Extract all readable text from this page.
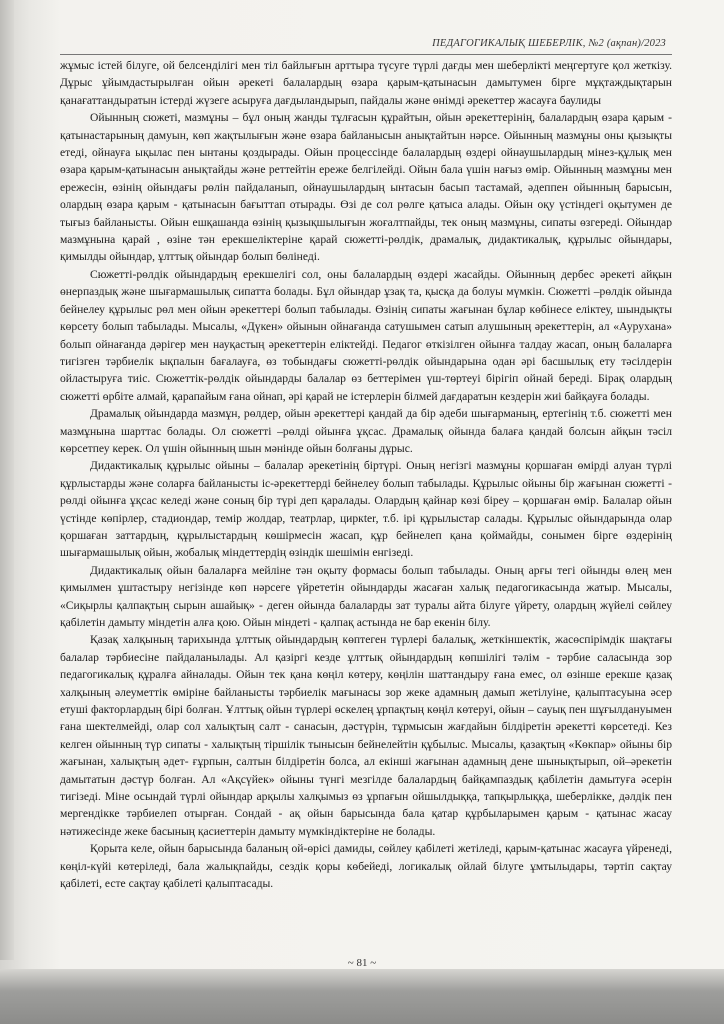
ПЕДАГОГИКАЛЫҚ ШЕБЕРЛІК, №2 (ақпан)/2023

жұмыс істей білуге, ой белсенділігі мен тіл байлығын арттыра түсуге түрлі дағды мен шеберлікті меңгертуге қол жеткізу. Дұрыс ұйымдастырылған ойын әрекеті балалардың өзара қарым-қатынасын дамытумен бірге мұқтаждықтарын қанағаттандыратын істерді жүзеге асыруға дағдыландырып, пайдалы және өнімді әрекеттер жасауға баулиды

Ойынның сюжеті, мазмұны – бұл оның жанды тұлғасын құрайтын, ойын әрекеттерінің, балалардың өзара қарым - қатынастарының дамуын, көп жақтылығын және өзара байланысын анықтайтын нәрсе. Ойынның мазмұны оны қызықты етеді, ойнауға ықылас пен ынтаны қоздырады. Ойын процессінде балалардың өздері ойнаушылардың мінез-құлық мен өзара қарым-қатынасын анықтайды және реттейтін ереже белгілейді. Ойын бала үшін нағыз өмір. Ойынның мазмұны мен ережесін, өзінің ойындағы рөлін пайдаланып, ойнаушылардың ынтасын басып тастамай, әдеппен ойынның барысын, олардың өзара қарым - қатынасын бағыттап отырады. Өзі де сол рөлге қатыса алады. Ойын оқу үстіндегі оқытумен де тығыз байланысты. Ойын ешқашанда өзінің қызықшылығын жоғалтпайды, тек оның мазмұны, сипаты өзгереді. Ойындар мазмұнына қарай , өзіне тән ерекшеліктеріне қарай сюжетті-рөлдік, драмалық, дидактикалық, құрылыс ойындары, қимылды ойындар, ұлттық ойындар болып бөлінеді.

Сюжетті-рөлдік ойындардың ерекшелігі сол, оны балалардың өздері жасайды. Ойынның дербес әрекеті айқын өнерпаздық және шығармашылық сипатта болады. Бұл ойындар ұзақ та, қысқа да болуы мүмкін. Сюжетті –рөлдік ойында бейнелеу құрылыс рөл мен ойын әрекеттері болып табылады. Өзінің сипаты жағынан бұлар көбінесе еліктеу, шындықты көрсету болып табылады. Мысалы, «Дүкен» ойынын ойнағанда сатушымен сатып алушының әрекеттерін, ал «Аурухана» болып ойнағанда дәрігер мен науқастың әрекеттерін еліктейді. Педагог өткізілген ойынға талдау жасап, оның балаларға тигізген тәрбиелік ықпалын бағалауға, өз тобындағы сюжетті-рөлдік ойындарына одан әрі басшылық ету тәсілдерін ойластыруға тиіс. Сюжеттік-рөлдік ойындарды балалар өз беттерімен үш-төртеуі бірігіп ойнай береді. Бірақ олардың сюжетті өрбіте алмай, қарапайым ғана ойнап, әрі қарай не істерлерін білмей дағдаратын кездерін жиі байқауға болады.

Драмалық ойындарда мазмұн, рөлдер, ойын әрекеттері қандай да бір әдеби шығарманың, ертегінің т.б. сюжетті мен мазмұнына шарттас болады. Ол сюжетті –рөлді ойынға ұқсас. Драмалық ойында балаға қандай болсын айқын тәсіл көрсетпеу керек. Ол үшін ойынның шын мәнінде ойын болғаны дұрыс.

Дидактикалық құрылыс ойыны – балалар әрекетінің біртүрі. Оның негізгі мазмұны қоршаған өмірді алуан түрлі құрлыстарды және соларға байланысты іс-әрекеттерді бейнелеу болып табылады. Құрылыс ойыны бір жағынан сюжетті - рөлді ойынға ұқсас келеді және соның бір түрі деп қаралады. Олардың қайнар көзі біреу – қоршаған өмір. Балалар ойын үстінде көпірлер, стадиондар, темір жолдар, театрлар, циркter, т.б. ірі құрылыстар салады. Құрылыс ойындарында олар қоршаған заттардың, құрылыстардың көшірмесін жасап, құр бейнелеп қана қоймайды, сонымен бірге өздерінің шығармашылық ойын, жобалық міндеттердің өзіндік шешімін енгізеді.

Дидактикалық ойын балаларға мейліне тән оқыту формасы болып табылады. Оның арғы тегі ойынды өлең мен қимылмен ұштастыру негізінде көп нәрсеге үйрететін ойындарды жасаған халық педагогикасында жатыр. Мысалы, «Сиқырлы қалпақтың сырын ашайық» - деген ойында балаларды зат туралы айта білуге үйрету, олардың жүйелі сөйлеу қабілетін дамыту міндетін алға қою. Ойын міндеті - қалпақ астында не бар екенін білу.

Қазақ халқының тарихында ұлттық ойындардың көптеген түрлері балалық, жеткіншектік, жасөспірімдік шақтағы балалар тәрбиесіне пайдаланылады. Ал қазіргі кезде ұлттық ойындардың көпшілігі тәлім - тәрбие саласында зор педагогикалық құралға айналады. Ойын тек қана көңіл көтеру, көңілін шаттандыру ғана емес, ол өзінше ерекше қазақ халқының әлеуметтік өміріне байланысты тәрбиелік мағынасы зор жеке адамның дамып жетілуіне, қалыптасуына әсер етуші факторлардың бірі болған. Ұлттық ойын түрлері өскелең ұрпақтың көңіл көтеруі, ойын – сауық пен шұғылдануымен ғана шектелмейді, олар сол халықтың салт - санасын, дәстүрін, тұрмысын жағдайын білдіретін әрекетті көрсетеді. Кез келген ойынның түр сипаты - халықтың тіршілік тынысын бейнелейтін құбылыс. Мысалы, қазақтың «Көкпар» ойыны бір жағынан, халықтың әдет- ғұрпын, салтын білдіретін болса, ал екінші жағынан адамның дене шынықтырып, ой–әрекетін дамытатын дәстүр болған. Ал «Ақсүйек» ойыны түнгі мезгілде балалардың байқампаздық қабілетін дамытуға әсерін тигізеді. Міне осындай түрлі ойындар арқылы халқымыз өз ұрпағын ойшылдыққа, тапқырлыққа, шеберлікке, дәлдік пен мергендікке тәрбиелеп отырған. Сондай - ақ ойын барысында бала қатар құрбыларымен қарым - қатынас жасау нәтижесінде жеке басының қасиеттерін дамыту мүмкіндіктеріне не болады.

Қорыта келе, ойын барысында баланың ой-өрісі дамиды, сөйлеу қабілеті жетіледі, қарым-қатынас жасауға үйренеді, көңіл-күйі көтеріледі, бала жалықпайды, сездік қоры көбейеді, логикалық ойлай білуге ұмтылыдары, тәртіп сақтау қабілеті, есте сақтау қабілеті қалыптасады.

~ 81 ~
